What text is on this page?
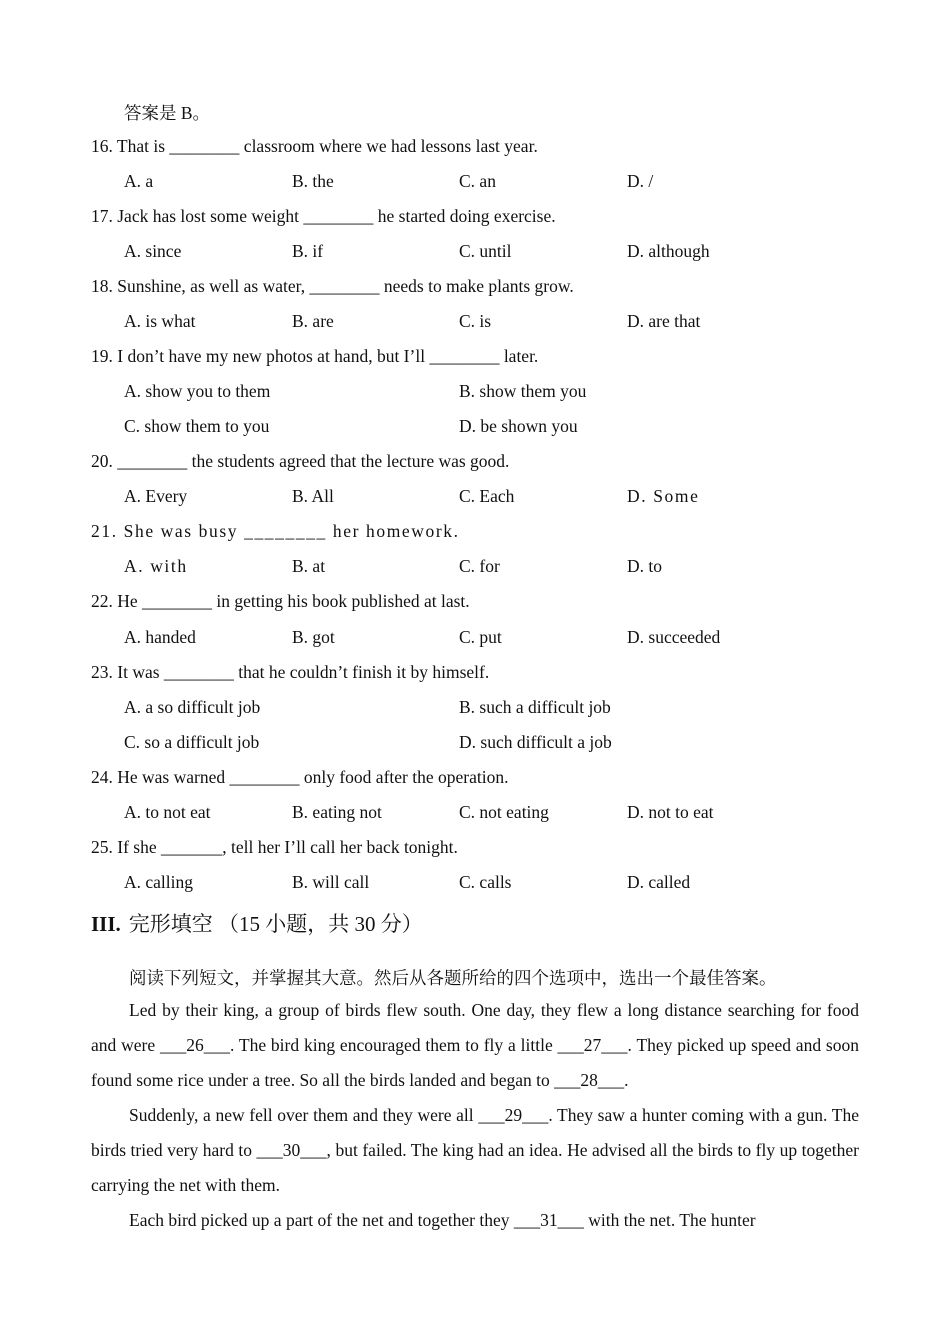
答案是 B。
16. That is ________ classroom where we had lessons last year.
A. a	B. the	C. an	D. /
17. Jack has lost some weight ________ he started doing exercise.
A. since	B. if	C. until	D. although
18. Sunshine, as well as water, ________ needs to make plants grow.
A. is what	B. are	C. is	D. are that
19. I don’t have my new photos at hand, but I’ll ________ later.
A. show you to them	B. show them you
C. show them to you	D. be shown you
20. ________ the students agreed that the lecture was good.
A. Every	B. All	C. Each	D. Some
21. She was busy ________ her homework.
A. with	B. at	C. for	D. to
22. He ________ in getting his book published at last.
A. handed	B. got	C. put	D. succeeded
23. It was ________ that he couldn’t finish it by himself.
A. a so difficult job	B. such a difficult job
C. so a difficult job	D. such difficult a job
24. He was warned ________ only food after the operation.
A. to not eat	B. eating not	C. not eating	D. not to eat
25. If she _______, tell her I’ll call her back tonight.
A. calling	B. will call	C. calls	D. called
III. 完形填空 （15 小题，共 30 分）
阅读下列短文，并掌握其大意。然后从各题所给的四个选项中，选出一个最佳答案。

Led by their king, a group of birds flew south. One day, they flew a long distance searching for food and were ___26___. The bird king encouraged them to fly a little ___27___. They picked up speed and soon found some rice under a tree. So all the birds landed and began to ___28___.

Suddenly, a new fell over them and they were all ___29___. They saw a hunter coming with a gun. The birds tried very hard to ___30___, but failed. The king had an idea. He advised all the birds to fly up together carrying the net with them.

Each bird picked up a part of the net and together they ___31___ with the net. The hunter
